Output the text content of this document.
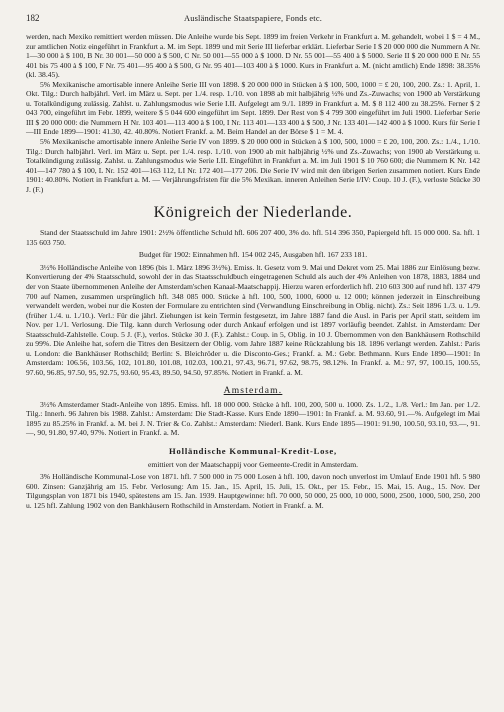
182	Ausländische Staatspapiere, Fonds etc.

werden, nach Mexiko remittiert werden müssen. Die Anleihe wurde bis Sept. 1899 im freien Verkehr in Frankfurt a. M. gehandelt, wobei 1 $ = 4 M., zur amtlichen Notiz eingeführt in Frankfurt a. M. im Sept. 1899 und mit Serie III lieferbar erklärt. Lieferbar Serie I $ 20 000 000 die Nummern A Nr. 1—30 000 à $ 100, B Nr. 30 001—50 000 à $ 500, C Nr. 50 001—55 000 à $ 1000. D Nr. 55 001—55 400 à $ 5000. Serie II $ 20 000 000 E Nr. 55 401 bis 75 400 à $ 100, F Nr. 75 401—95 400 à $ 500, G Nr. 95 401—103 400 à $ 1000. Kurs in Frankfurt a. M. (nicht amtlich) Ende 1898: 38.35% (kl. 38.45).

5% Mexikanische amortisable innere Anleihe Serie III von 1898. $ 20 000 000 in Stücken à $ 100, 500, 1000 = £ 20, 100, 200. Zs.: 1. April, 1. Okt. Tilg.: Durch halbjährl. Verl. im März u. Sept. per 1./4. resp. 1./10. von 1898 ab mit halbjährig ½% und Zs.-Zuwachs; von 1900 ab Verstärkung u. Totalkündigung zulässig. Zahlst. u. Zahlungsmodus wie Serie I.II. Aufgelegt am 9./1. 1899 in Frankfurt a. M. $ 8 112 400 zu 38.25%. Ferner $ 2 043 700, eingeführt im Febr. 1899, weitere $ 5 044 600 eingeführt im Sept. 1899. Der Rest von $ 4 799 300 eingeführt im Juli 1900. Lieferbar Serie III $ 20 000 000: die Nummern H Nr. 103 401—113 400 à $ 100, I Nr. 113 401—133 400 à $ 500, J Nr. 133 401—142 400 à $ 1000. Kurs für Serie I—III Ende 1899—1901: 41.30, 42. 40.80%. Notiert Frankf. a. M. Beim Handel an der Börse $ 1 = M. 4.

5% Mexikanische amortisable innere Anleihe Serie IV von 1899. $ 20 000 000 in Stücken à $ 100, 500, 1000 = £ 20, 100, 200. Zs.: 1./4., 1./10. Tilg.: Durch halbjährl. Verl. im März u. Sept. per 1./4. resp. 1./10. von 1900 ab mit halbjährig ½% und Zs.-Zuwachs; von 1900 ab Verstärkung u. Totalkündigung zulässig. Zahlst. u. Zahlungsmodus wie Serie I.II. Eingeführt in Frankfurt a. M. im Juli 1901 $ 10 760 600; die Nummern K Nr. 142 401—147 780 à $ 100, L Nr. 152 401—163 112, LI Nr. 172 401—177 206. Die Serie IV wird mit den übrigen Serien zusammen notiert. Kurs Ende 1901: 40.80%. Notiert in Frankfurt a. M. — Verjährungsfristen für die 5% Mexikan. inneren Anleihen Serie I/IV: Coup. 10 J. (F.), verloste Stücke 30 J. (F.)

Königreich der Niederlande.

Stand der Staatsschuld im Jahre 1901: 2½% öffentliche Schuld hfl. 606 207 400, 3% do. hfl. 514 396 350, Papiergeld hfl. 15 000 000. Sa. hfl. 1 135 603 750.

Budget für 1902: Einnahmen hfl. 154 002 245, Ausgaben hfl. 167 233 181.

3½% Holländische Anleihe von 1896 (bis 1. März 1896 3½%). Emiss. lt. Gesetz vom 9. Mai und Dekret vom 25. Mai 1886 zur Einlösung bezw. Konvertierung der 4% Staatsschuld, sowohl der in das Staatsschuldbuch eingetragenen Schuld als auch der 4% Anleihen von 1878, 1883, 1884 und der von Staate übernommenen Anleihe der Amsterdam'schen Kanaal-Maatschappij. Hierzu waren erforderlich hfl. 210 603 300 auf rund hfl. 137 479 700 auf Namen, zusammen ursprünglich hfl. 348 085 000. Stücke à hfl. 100, 500, 1000, 6000 u. 12 000; können jederzeit in Einschreibung verwandelt werden, wobei nur die Kosten der Formulare zu entrichten sind (Verwandlung Einschreibung in Oblig. nicht). Zs.: Seit 1896 1./3. u. 1./9. (früher 1./4. u. 1./10.). Verl.: Für die jährl. Ziehungen ist kein Termin festgesetzt, im Jahre 1887 fand die Ausl. in Paris per April statt, seitdem im Nov. per 1./1. Verlosung. Die Tilg. kann durch Verlosung oder durch Ankauf erfolgen und ist 1897 vorläufig beendet. Zahlst. in Amsterdam: Der Staatsschuld-Zahlstelle. Coup. 5 J. (F.), verlos. Stücke 30 J. (F.). Zahlst.: Coup. in 5, Oblig. in 10 J. Übernommen von den Bankhäusern Rothschild zu 99%. Die Anleihe hat, sofern die Titres den Besitzern der Oblig. vom Jahre 1887 keine Rückzahlung bis 18. 1896 verlangt werden. Zahlst.: Paris u. London: die Bankhäuser Rothschild; Berlin: S. Bleichröder u. die Disconto-Ges.; Frankf. a. M.: Gebr. Bethmann. Kurs Ende 1890—1901: In Amsterdam: 106.56, 103.56, 102, 101.80, 101.08, 102.03, 100.21, 97.43, 96.71, 97.62, 98.75, 98.12%. In Frankf. a. M.: 97, 97, 100.15, 100.55, 97.60, 96.85, 97.50, 95, 92.75, 93.60, 95.43, 89.50, 94.50, 97.85%. Notiert in Frankf. a. M.

Amsterdam.

3½% Amsterdamer Stadt-Anleihe von 1895. Emiss. hfl. 18 000 000. Stücke à hfl. 100, 200, 500 u. 1000. Zs. 1./2., 1./8. Verl.: Im Jan. per 1./2. Tilg.: Innerh. 96 Jahren bis 1988. Zahlst.: Amsterdam: Die Stadt-Kasse. Kurs Ende 1890—1901: In Frankf. a. M. 93.60, 91.—%. Aufgelegt im Mai 1895 zu 85.25% in Frankf. a. M. bei J. N. Trier & Co. Zahlst.: Amsterdam: Niederl. Bank. Kurs Ende 1895—1901: 91.90, 100.50, 93.10, 93.—, 91.—, 90, 91.80, 97.40, 97%. Notiert in Frankf. a. M.

Holländische Kommunal-Kredit-Lose,

emittiert von der Maatschappij voor Gemeente-Credit in Amsterdam.

3% Holländische Kommunal-Lose von 1871. hfl. 7 500 000 in 75 000 Losen à hfl. 100, davon noch unverlost im Umlauf Ende 1901 hfl. 5 980 600. Zinsen: Ganzjährig am 15. Febr. Verlosung: Am 15. Jan., 15. April, 15. Juli, 15. Okt., per 15. Febr., 15. Mai, 15. Aug., 15. Nov. Der Tilgungsplan von 1871 bis 1940, spätestens am 15. Jan. 1939. Hauptgewinne: hfl. 70 000, 50 000, 25 000, 10 000, 5000, 2500, 1000, 500, 250, 200 u. 125 hfl. Zahlung 1902 von den Bankhäusern Rothschild in Amsterdam. Notiert in Frankf. a. M.
